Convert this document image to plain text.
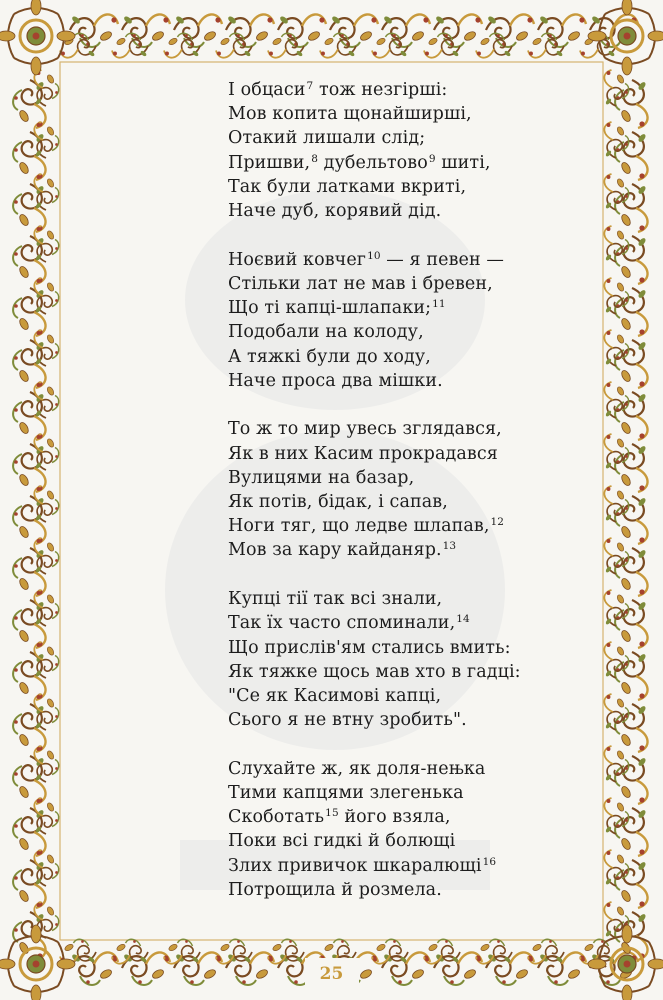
І обцаси$^7$ тож незгірші:
Мов копита щонайширші,
Отакий лишали слід;
Пришви,$^8$ дубельтово$^9$ шиті,
Так були латками вкриті,
Наче дуб, корявий дід.
Ноєвий ковчег$^{10}$ — я певен —
Стільки лат не мав і бревен,
Що ті капці-шлапаки;$^{11}$
Подобали на колоду,
А тяжкі були до ходу,
Наче проса два мішки.
То ж то мир увесь зглядався,
Як в них Касим прокрадався
Вулицями на базар,
Як потів, бідак, і сапав,
Ноги тяг, що ледве шлапав,$^{12}$
Мов за кару кайданяр.$^{13}$
Купці тії так всі знали,
Так їх часто споминали,$^{14}$
Що прислів'ям стались вмить:
Як тяжке щось мав хто в гадці:
"Се як Касимові капці,
Сього я не втну зробить".
Слухайте ж, як доля-нењка
Тими капцями злегенька
Скоботать$^{15}$ його взяла,
Поки всі гидкі й болющі
Злих привичок шкаралющі$^{16}$
Потрощила й розмела.
25
